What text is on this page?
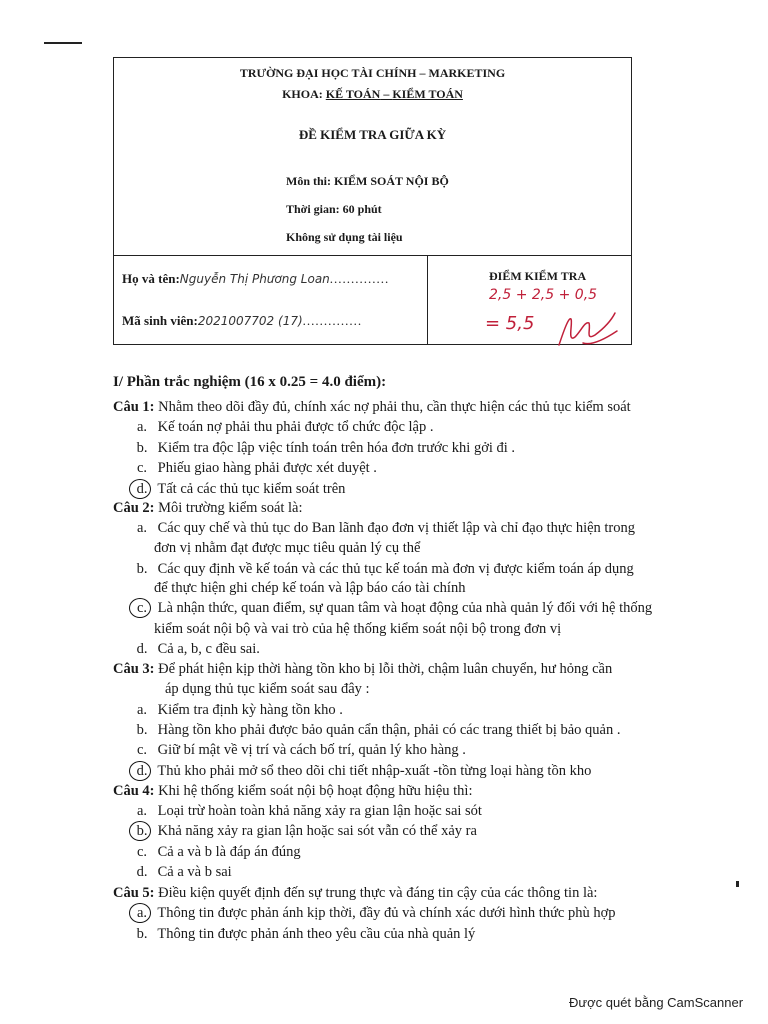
TRƯỜNG ĐẠI HỌC TÀI CHÍNH – MARKETING
KHOA: KẾ TOÁN – KIỂM TOÁN
ĐỀ KIỂM TRA GIỮA KỲ
Môn thi: KIỂM SOÁT NỘI BỘ
Thời gian: 60 phút
Không sử dụng tài liệu
Họ và tên:Nguyễn Thị Phương Loan..............
Mã sinh viên:2021007702 (17)..............
ĐIỂM KIỂM TRA
2,5 + 2,5 + 0,5
= 5,5
I/ Phần trắc nghiệm (16 x 0.25 = 4.0 điểm):
Câu 1: Nhằm theo dõi đầy đủ, chính xác nợ phải thu, cần thực hiện các thủ tục kiểm soát
a. Kế toán nợ phải thu phải được tổ chức độc lập .
b. Kiểm tra độc lập việc tính toán trên hóa đơn trước khi gởi đi .
c. Phiếu giao hàng phải được xét duyệt .
d. Tất cả các thủ tục kiểm soát trên
Câu 2: Môi trường kiểm soát là:
a. Các quy chế và thủ tục do Ban lãnh đạo đơn vị thiết lập và chỉ đạo thực hiện trong
đơn vị nhằm đạt được mục tiêu quản lý cụ thể
b. Các quy định về kế toán và các thủ tục kế toán mà đơn vị được kiểm toán áp dụng
để thực hiện ghi chép kế toán và lập báo cáo tài chính
c. Là nhận thức, quan điểm, sự quan tâm và hoạt động của nhà quản lý đối với hệ thống
kiểm soát nội bộ và vai trò của hệ thống kiểm soát nội bộ trong đơn vị
d. Cả a, b, c đều sai.
Câu 3: Để phát hiện kịp thời hàng tồn kho bị lỗi thời, chậm luân chuyển, hư hỏng cần
áp dụng thủ tục kiểm soát sau đây :
a. Kiểm tra định kỳ hàng tồn kho .
b. Hàng tồn kho phải được bảo quản cẩn thận, phải có các trang thiết bị bảo quản .
c. Giữ bí mật về vị trí và cách bố trí, quản lý kho hàng .
d. Thủ kho phải mở sổ theo dõi chi tiết nhập-xuất -tồn từng loại hàng tồn kho
Câu 4: Khi hệ thống kiểm soát nội bộ hoạt động hữu hiệu thì:
a. Loại trừ hoàn toàn khả năng xảy ra gian lận hoặc sai sót
b. Khả năng xảy ra gian lận hoặc sai sót vẫn có thể xảy ra
c. Cả a và b là đáp án đúng
d. Cả a và b sai
Câu 5: Điều kiện quyết định đến sự trung thực và đáng tin cậy của các thông tin là:
a. Thông tin được phản ánh kịp thời, đầy đủ và chính xác dưới hình thức phù hợp
b. Thông tin được phản ánh theo yêu cầu của nhà quản lý
Được quét bằng CamScanner
